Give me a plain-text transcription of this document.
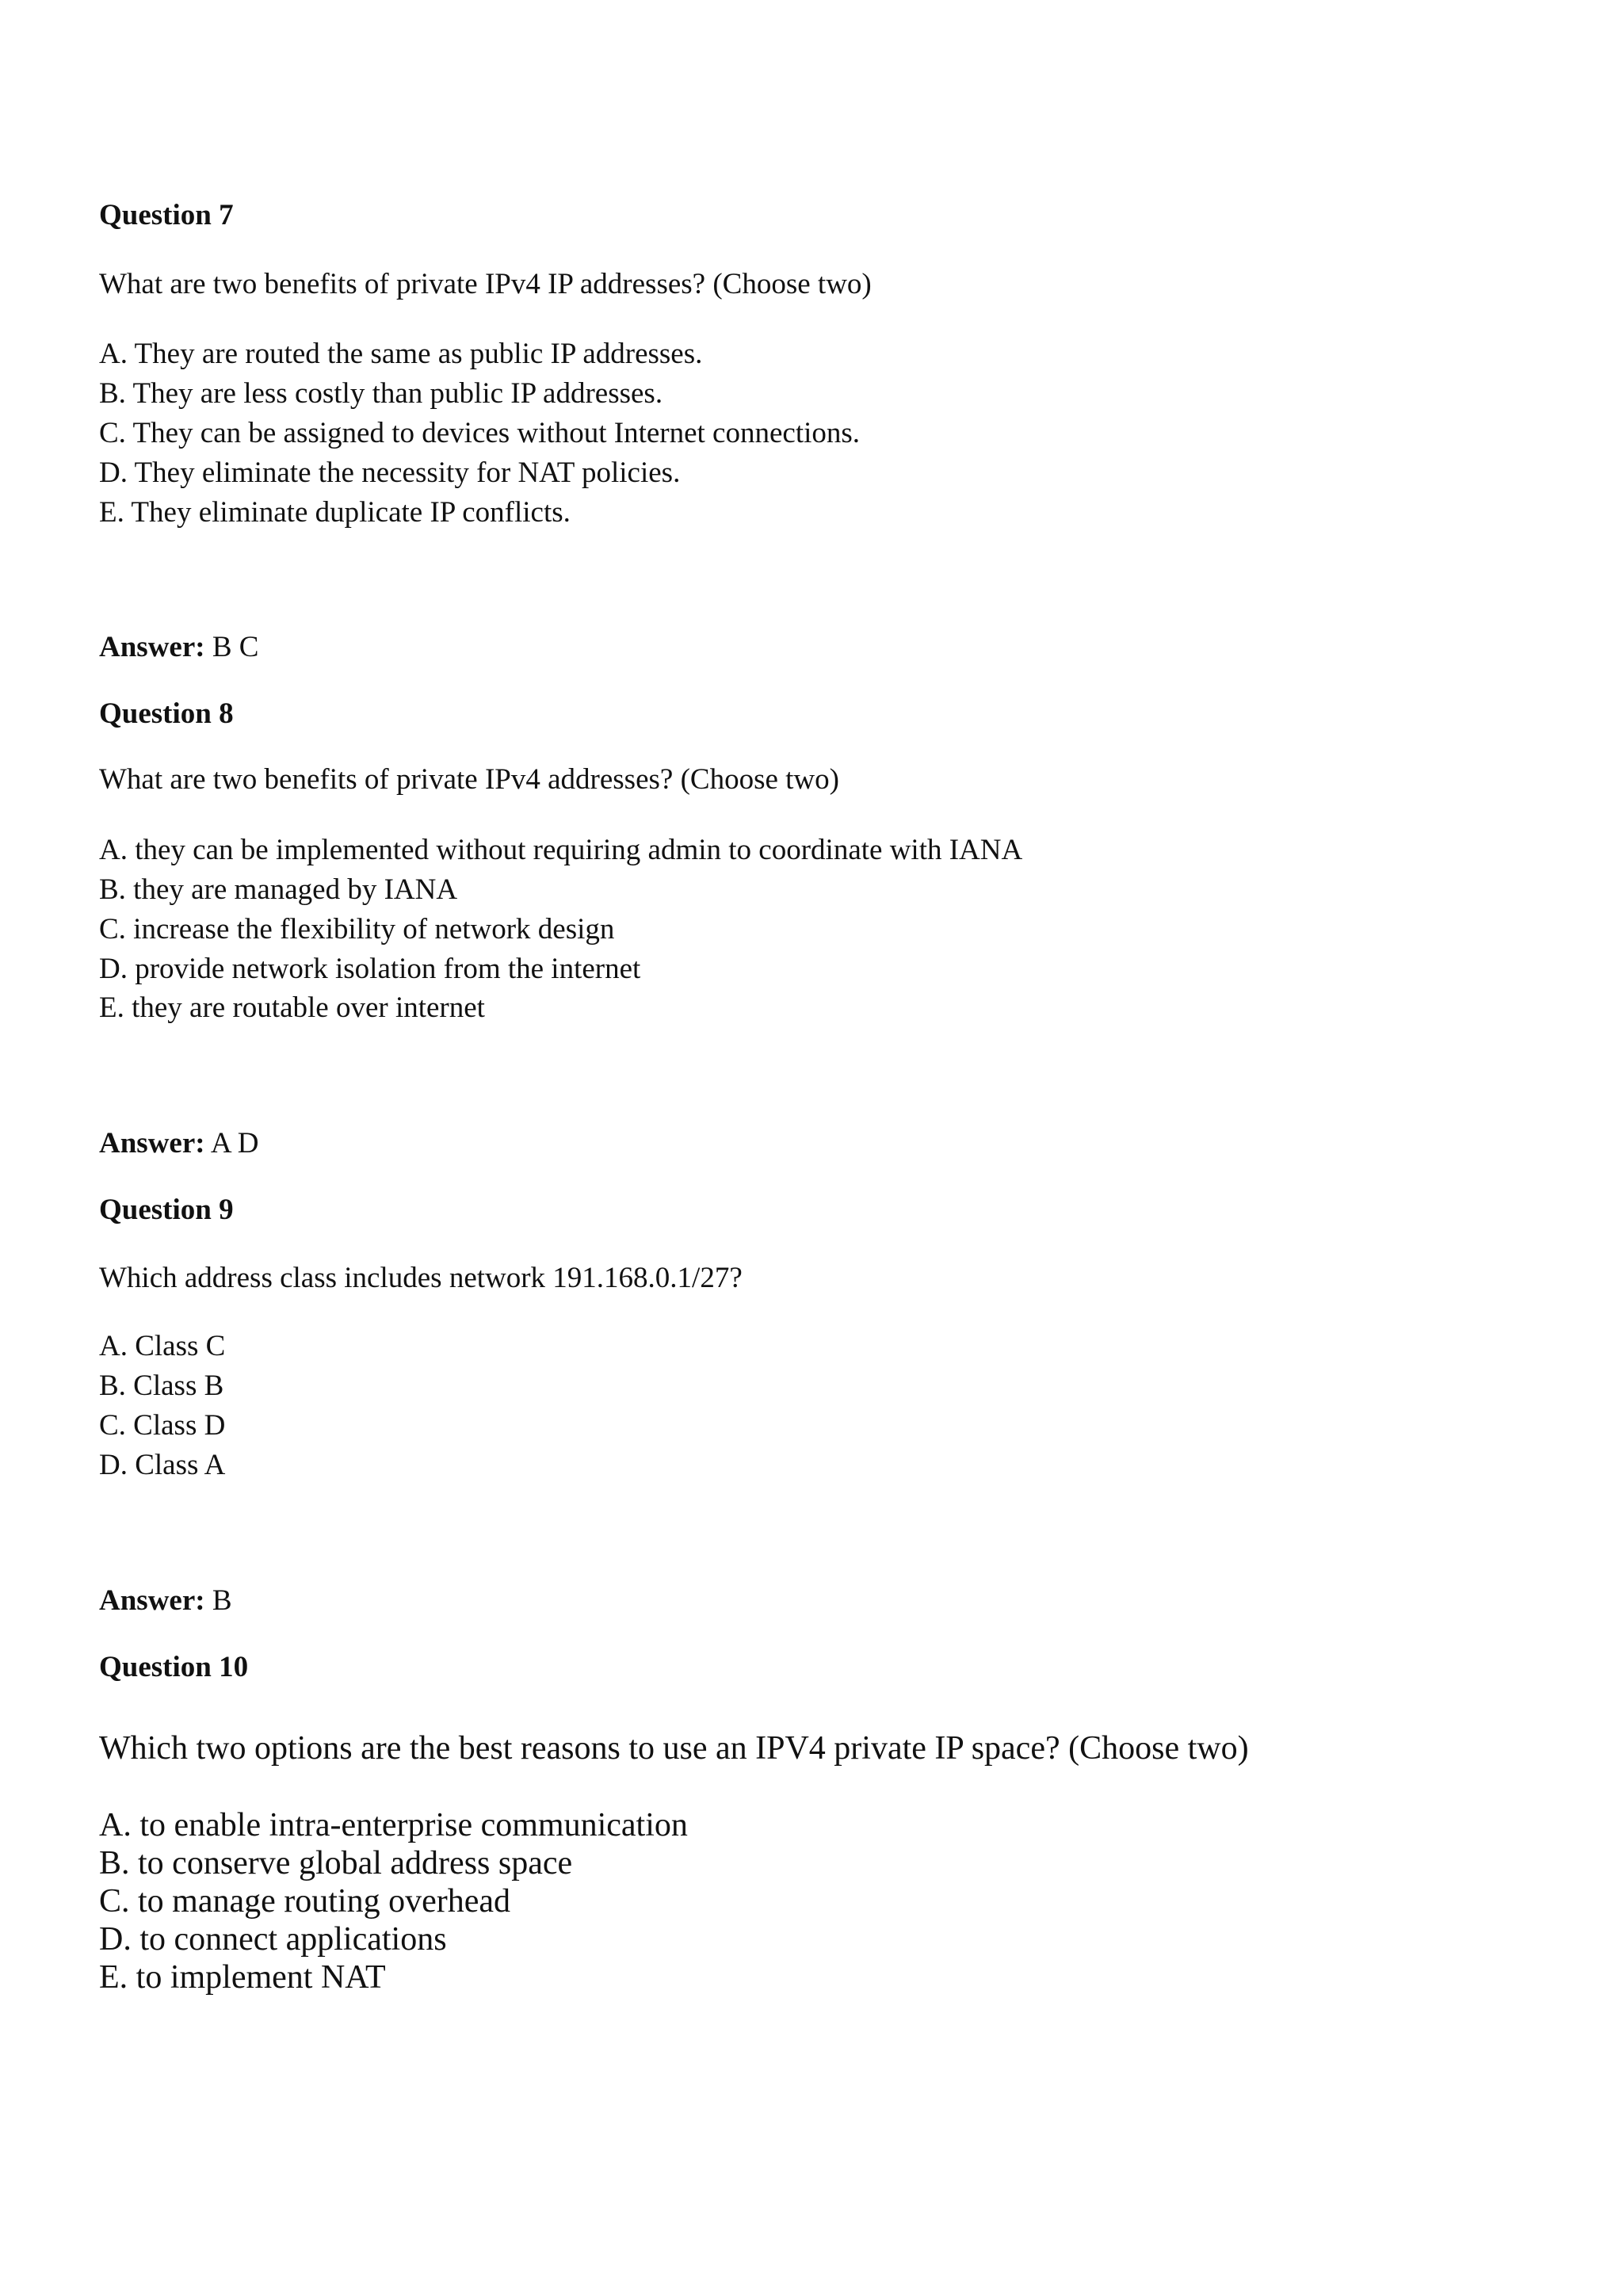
Question 7
What are two benefits of private IPv4 IP addresses? (Choose two)
A. They are routed the same as public IP addresses.
B. They are less costly than public IP addresses.
C. They can be assigned to devices without Internet connections.
D. They eliminate the necessity for NAT policies.
E. They eliminate duplicate IP conflicts.
Answer: B C
Question 8
What are two benefits of private IPv4 addresses? (Choose two)
A. they can be implemented without requiring admin to coordinate with IANA
B. they are managed by IANA
C. increase the flexibility of network design
D. provide network isolation from the internet
E. they are routable over internet
Answer: A D
Question 9
Which address class includes network 191.168.0.1/27?
A. Class C
B. Class B
C. Class D
D. Class A
Answer: B
Question 10
Which two options are the best reasons to use an IPV4 private IP space? (Choose two)
A. to enable intra-enterprise communication
B. to conserve global address space
C. to manage routing overhead
D. to connect applications
E. to implement NAT
